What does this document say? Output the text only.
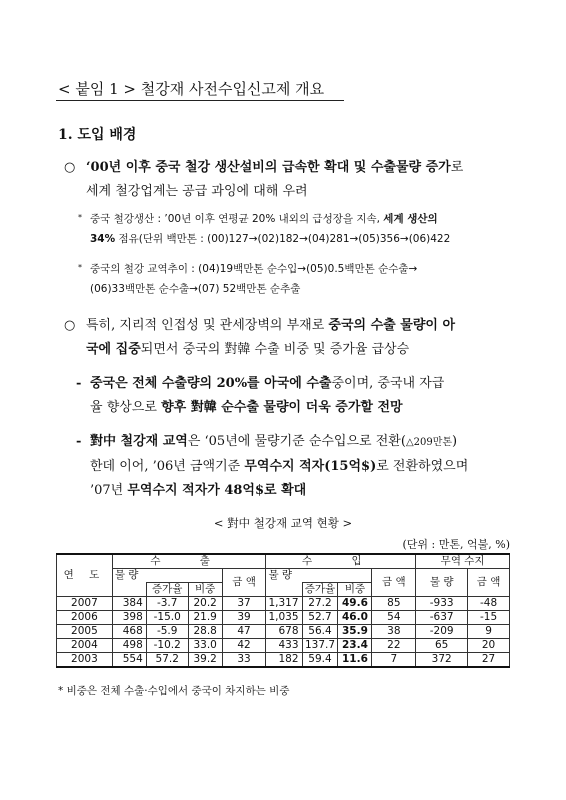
< 붙임 1 > 철강재 사전수입신고제 개요
1. 도입 배경
○ ‘00년 이후 중국 철강 생산설비의 급속한 확대 및 수출물량 증가로
세계 철강업계는 공급 과잉에 대해 우려
* 중국 철강생산 : ’00년 이후 연평균 20% 내외의 급성장을 지속, 세계 생산의
34% 점유(단위 백만톤 : (00)127→(02)182→(04)281→(05)356→(06)422
* 중국의 철강 교역추이 : (04)19백만톤 순수입→(05)0.5백만톤 순수출→
(06)33백만톤 순수출→(07) 52백만톤 순추출
○ 특히, 지리적 인접성 및 관세장벽의 부재로 중국의 수출 물량이 아
국에 집중되면서 중국의 對韓 수출 비중 및 증가율 급상승
- 중국은 전체 수출량의 20%를 아국에 수출중이며, 중국내 자급
율 향상으로 향후 對韓 순수출 물량이 더욱 증가할 전망
- 對中 철강재 교역은 ‘05년에 물량기준 순수입으로 전환(△209만톤)
한데 이어, ’06년 금액기준 무역수지 적자(15억$)로 전환하였으며
’07년 무역수지 적자가 48억$로 확대
< 對中 철강재 교역 현황 >
(단위 : 만톤, 억불, %)
연 도	수 출				수 입				무역 수지	
	물 량			금 액	물 량			금 액	물 량	금 액
		증가율	비중			증가율	비중			
2007	384	-3.7	20.2	37	1,317	27.2	49.6	85	-933	-48
2006	398	-15.0	21.9	39	1,035	52.7	46.0	54	-637	-15
2005	468	-5.9	28.8	47	678	56.4	35.9	38	-209	9
2004	498	-10.2	33.0	42	433	137.7	23.4	22	65	20
2003	554	57.2	39.2	33	182	59.4	11.6	7	372	27
* 비중은 전체 수출·수입에서 중국이 차지하는 비중
